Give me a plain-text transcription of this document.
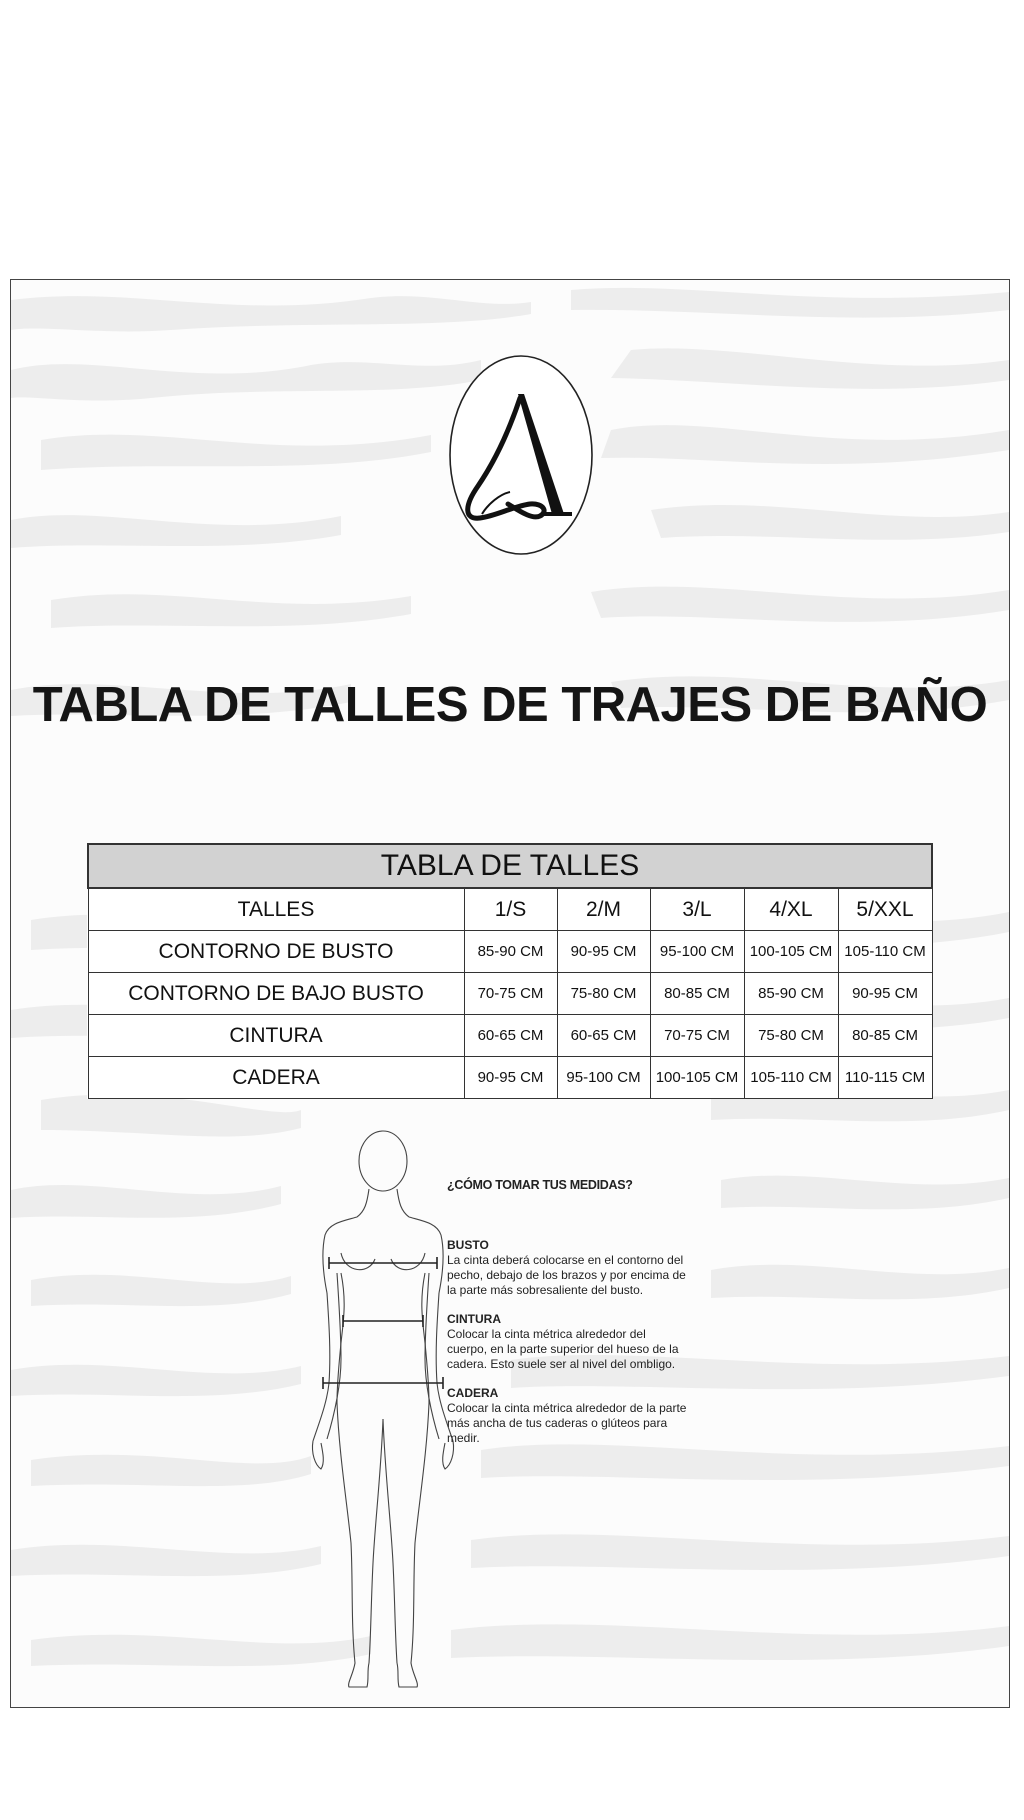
TABLA DE TALLES DE TRAJES DE BAÑO
TABLA DE TALLES					
TALLES	1/S	2/M	3/L	4/XL	5/XXL
CONTORNO DE BUSTO	85-90 CM	90-95 CM	95-100 CM	100-105 CM	105-110 CM
CONTORNO DE BAJO BUSTO	70-75 CM	75-80 CM	80-85 CM	85-90 CM	90-95 CM
CINTURA	60-65 CM	60-65 CM	70-75 CM	75-80 CM	80-85 CM
CADERA	90-95 CM	95-100 CM	100-105 CM	105-110 CM	110-115 CM
¿CÓMO TOMAR TUS MEDIDAS?
BUSTO
La cinta deberá colocarse en el contorno del pecho, debajo de los brazos y por encima de la parte más sobresaliente del busto.
CINTURA
Colocar la cinta métrica alrededor del cuerpo, en la parte superior del hueso de la cadera. Esto suele ser al nivel del ombligo.
CADERA
Colocar la cinta métrica alrededor de la parte más ancha de tus caderas o glúteos para medir.
